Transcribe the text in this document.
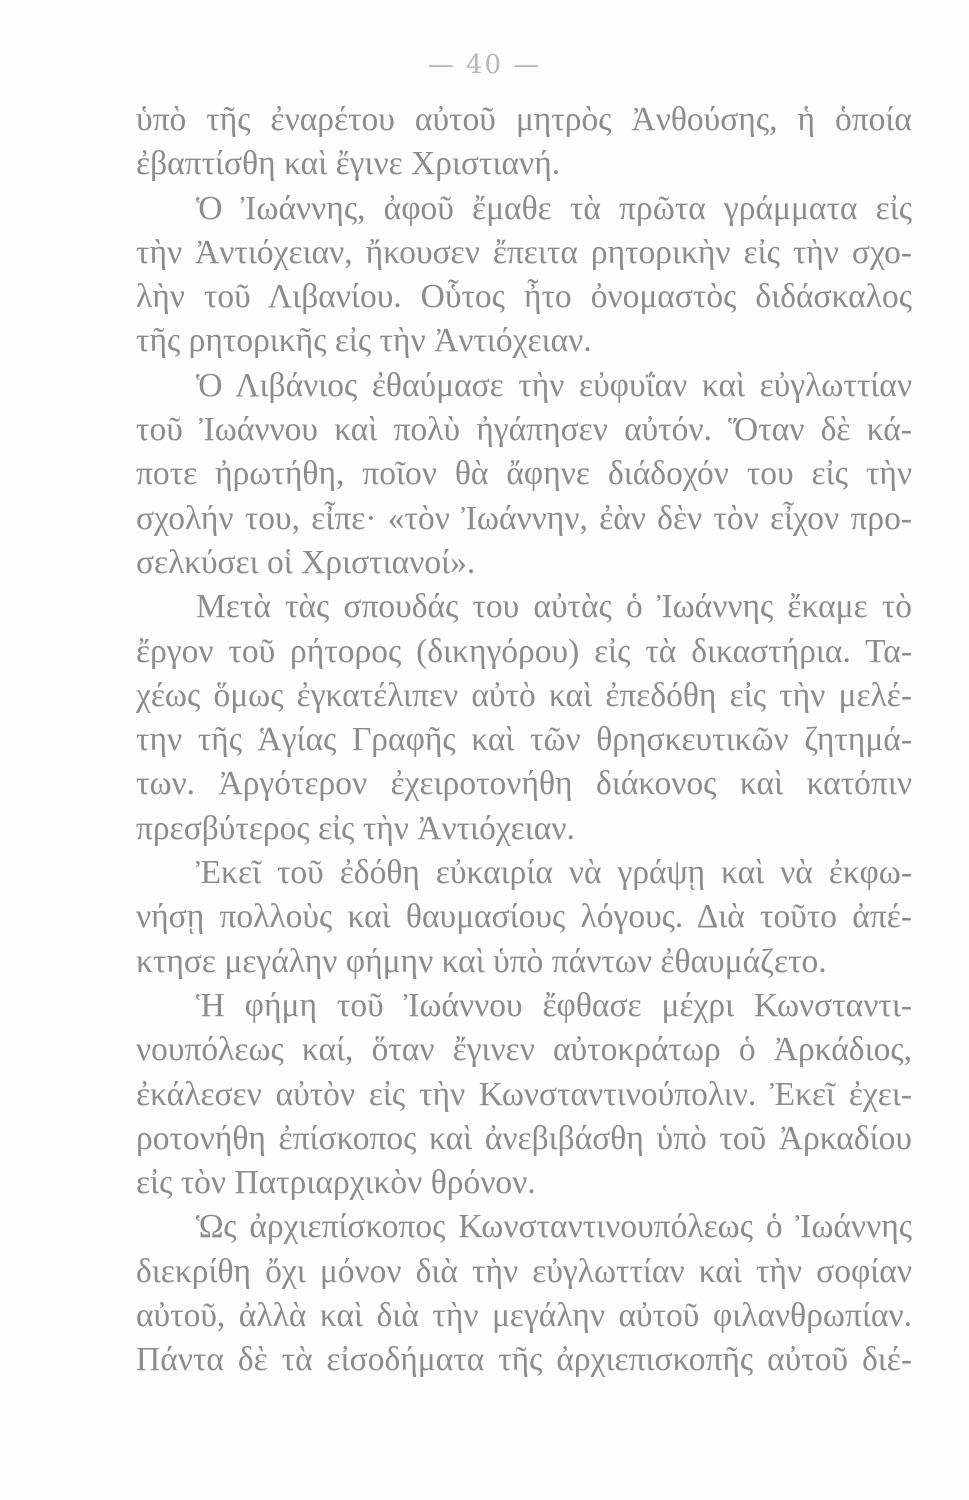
— 40 —
ὑπὸ τῆς ἐναρέτου αὐτοῦ μητρὸς Ἀνθούσης, ἡ ὁποία
ἐβαπτίσθη καὶ ἔγινε Χριστιανή.
Ὁ Ἰωάννης, ἀφοῦ ἔμαθε τὰ πρῶτα γράμματα εἰς
τὴν Ἀντιόχειαν, ἤκουσεν ἔπειτα ρητορικὴν εἰς τὴν σχο-
λὴν τοῦ Λιβανίου. Οὗτος ἦτο ὀνομαστὸς διδάσκαλος
τῆς ρητορικῆς εἰς τὴν Ἀντιόχειαν.
Ὁ Λιβάνιος ἐθαύμασε τὴν εὐφυΐαν καὶ εὐγλωττίαν
τοῦ Ἰωάννου καὶ πολὺ ἠγάπησεν αὐτόν. Ὅταν δὲ κά-
ποτε ἠρωτήθη, ποῖον θὰ ἄφηνε διάδοχόν του εἰς τὴν
σχολήν του, εἶπε· «τὸν Ἰωάννην, ἐὰν δὲν τὸν εἶχον προ-
σελκύσει οἱ Χριστιανοί».
Μετὰ τὰς σπουδάς του αὐτὰς ὁ Ἰωάννης ἔκαμε τὸ
ἔργον τοῦ ρήτορος (δικηγόρου) εἰς τὰ δικαστήρια. Τα-
χέως ὅμως ἐγκατέλιπεν αὐτὸ καὶ ἐπεδόθη εἰς τὴν μελέ-
την τῆς Ἁγίας Γραφῆς καὶ τῶν θρησκευτικῶν ζητημά-
των. Ἀργότερον ἐχειροτονήθη διάκονος καὶ κατόπιν
πρεσβύτερος εἰς τὴν Ἀντιόχειαν.
Ἐκεῖ τοῦ ἐδόθη εὐκαιρία νὰ γράψῃ καὶ νὰ ἐκφω-
νήσῃ πολλοὺς καὶ θαυμασίους λόγους. Διὰ τοῦτο ἀπέ-
κτησε μεγάλην φήμην καὶ ὑπὸ πάντων ἐθαυμάζετο.
Ἡ φήμη τοῦ Ἰωάννου ἔφθασε μέχρι Κωνσταντι-
νουπόλεως καί, ὅταν ἔγινεν αὐτοκράτωρ ὁ Ἀρκάδιος,
ἐκάλεσεν αὐτὸν εἰς τὴν Κωνσταντινούπολιν. Ἐκεῖ ἐχει-
ροτονήθη ἐπίσκοπος καὶ ἀνεβιβάσθη ὑπὸ τοῦ Ἀρκαδίου
εἰς τὸν Πατριαρχικὸν θρόνον.
Ὡς ἀρχιεπίσκοπος Κωνσταντινουπόλεως ὁ Ἰωάννης
διεκρίθη ὄχι μόνον διὰ τὴν εὐγλωττίαν καὶ τὴν σοφίαν
αὐτοῦ, ἀλλὰ καὶ διὰ τὴν μεγάλην αὐτοῦ φιλανθρωπίαν.
Πάντα δὲ τὰ εἰσοδήματα τῆς ἀρχιεπισκοπῆς αὐτοῦ διέ-
